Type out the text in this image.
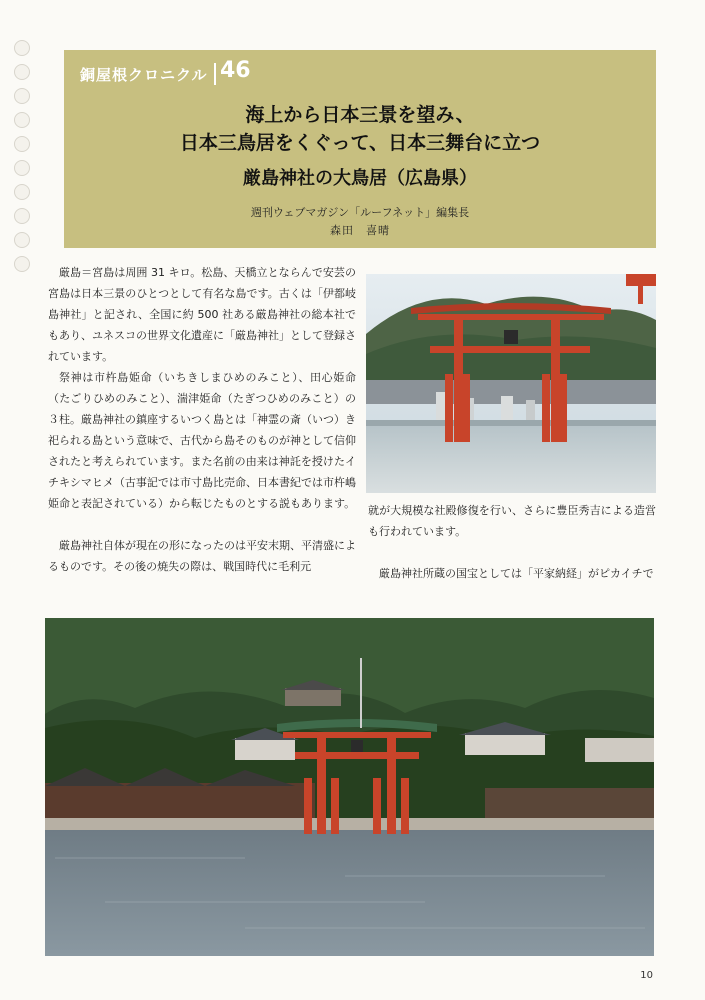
銅屋根クロニクル 46
海上から日本三景を望み、
日本三鳥居をくぐって、日本三舞台に立つ
厳島神社の大鳥居（広島県）
週刊ウェブマガジン「ルーフネット」編集長
森田　喜晴

厳島＝宮島は周囲 31 キロ。松島、天橋立とならんで安芸の宮島は日本三景のひとつとして有名な島です。古くは「伊都岐島神社」と記され、全国に約 500 社ある厳島神社の総本社でもあり、ユネスコの世界文化遺産に「厳島神社」として登録されています。

祭神は市杵島姫命（いちきしまひめのみこと）、田心姫命（たごりひめのみこと）、湍津姫命（たぎつひめのみこと）の３柱。厳島神社の鎮座するいつく島とは「神霊の斎（いつ）き祀られる島という意味で、古代から島そのものが神として信仰されたと考えられています。また名前の由来は神託を授けたイチキシマヒメ（古事記では市寸島比売命、日本書紀では市杵嶋姫命と表記されている）から転じたものとする説もあります。

厳島神社自体が現在の形になったのは平安末期、平清盛によるものです。その後の焼失の際は、戦国時代に毛利元

就が大規模な社殿修復を行い、さらに豊臣秀吉による造営も行われています。

厳島神社所蔵の国宝としては「平家納経」がピカイチで

10
